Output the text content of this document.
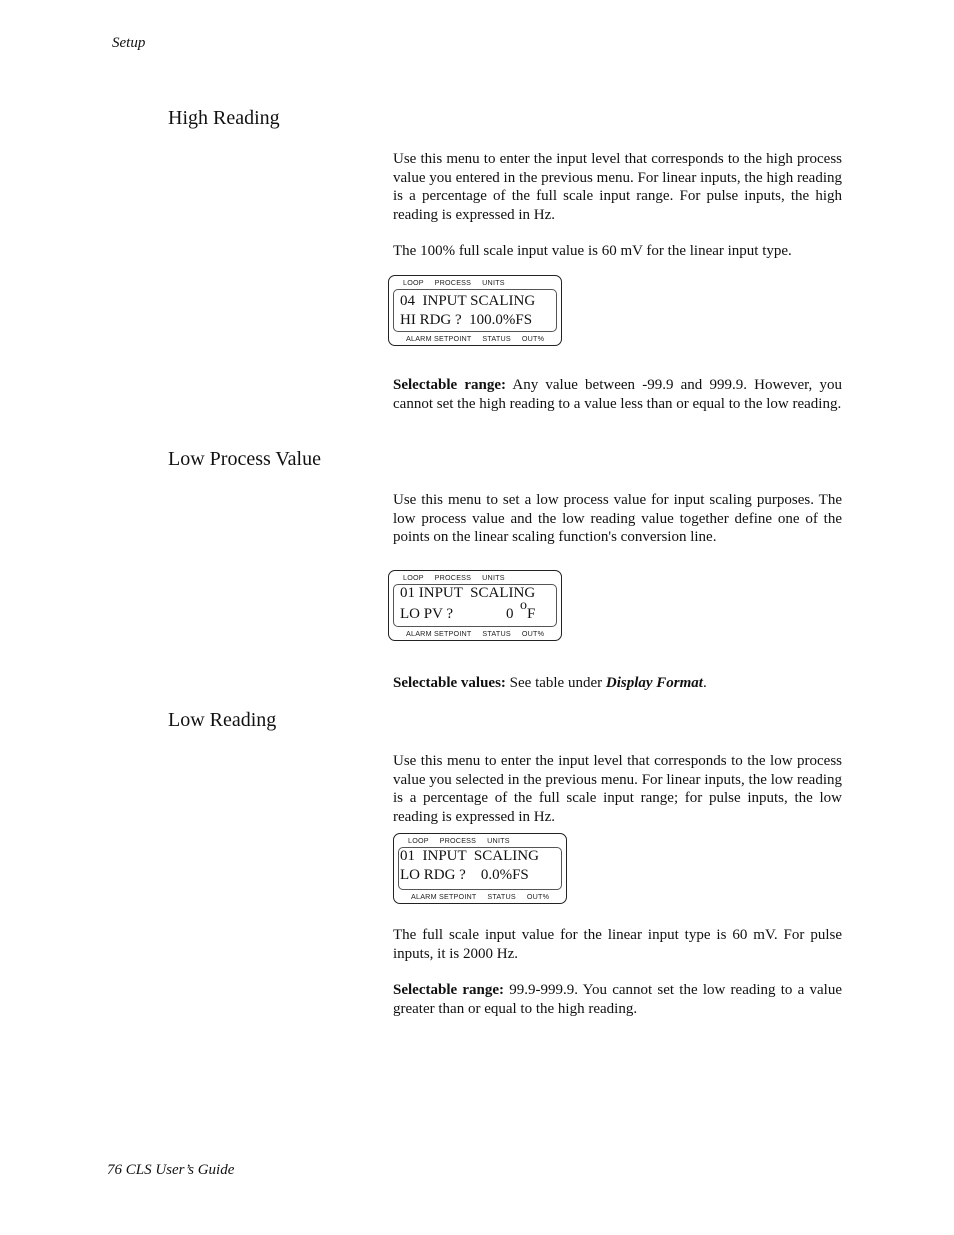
Setup
76 CLS User’s Guide
High Reading

Use this menu to enter the input level that corresponds to the high process value you entered in the previous menu. For linear inputs, the high reading is a percentage of the full scale input range. For pulse inputs, the high reading is expressed in Hz.

The 100% full scale input value is 60 mV for the linear input type.

LOOP     PROCESS     UNITS
04  INPUT SCALING
HI RDG ?  100.0%FS
ALARM SETPOINT     STATUS     OUT%

Selectable range: Any value between -99.9 and 999.9. However, you cannot set the high reading to a value less than or equal to the low reading.

Low Process Value

Use this menu to set a low process value for input scaling purposes. The low process value and the low reading value together define one of the points on the linear scaling function's conversion line.

LOOP     PROCESS     UNITS
01 INPUT  SCALING
LO PV ?	0
o
F
ALARM SETPOINT     STATUS     OUT%

Selectable values: See table under Display Format.

Low Reading

Use this menu to enter the input level that corresponds to the low process value you selected in the previous menu. For linear inputs, the low reading is a percentage of the full scale input range; for pulse inputs, the low reading is expressed in Hz.

LOOP     PROCESS     UNITS
01  INPUT  SCALING
LO RDG ?    0.0%FS
ALARM SETPOINT     STATUS     OUT%

The full scale input value for the linear input type is 60 mV. For pulse inputs, it is 2000 Hz.

Selectable range: 99.9-999.9. You cannot set the low reading to a value greater than or equal to the high reading.
